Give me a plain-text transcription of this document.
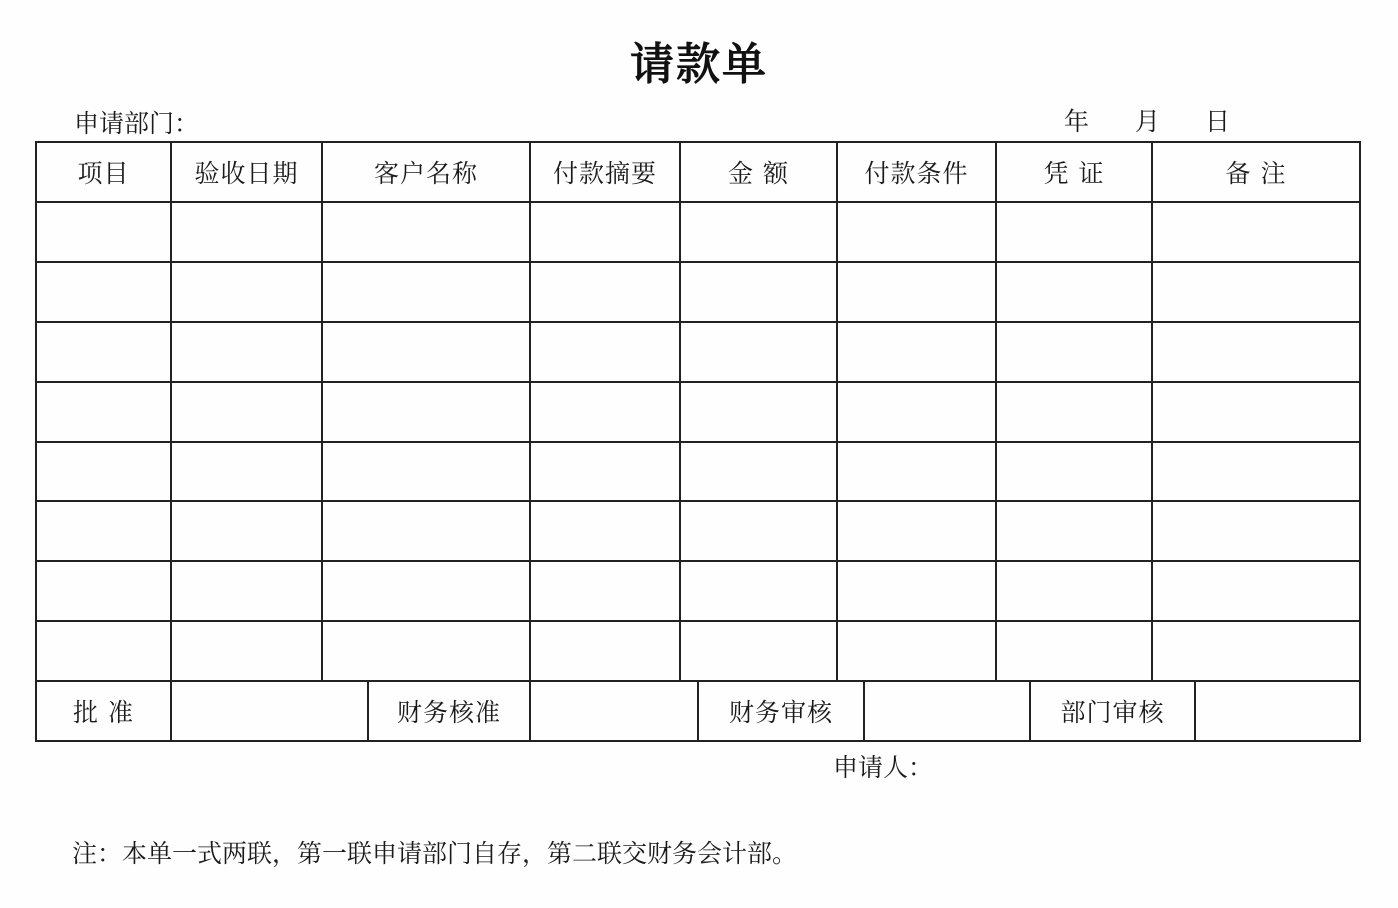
请款单
申请部门：	年 月 日
项目	验收日期	客户名称	付款摘要	金 额	付款条件	凭 证	备 注
批 准	财务核准	财务审核	部门审核
申请人：
注：本单一式两联，第一联申请部门自存，第二联交财务会计部。
